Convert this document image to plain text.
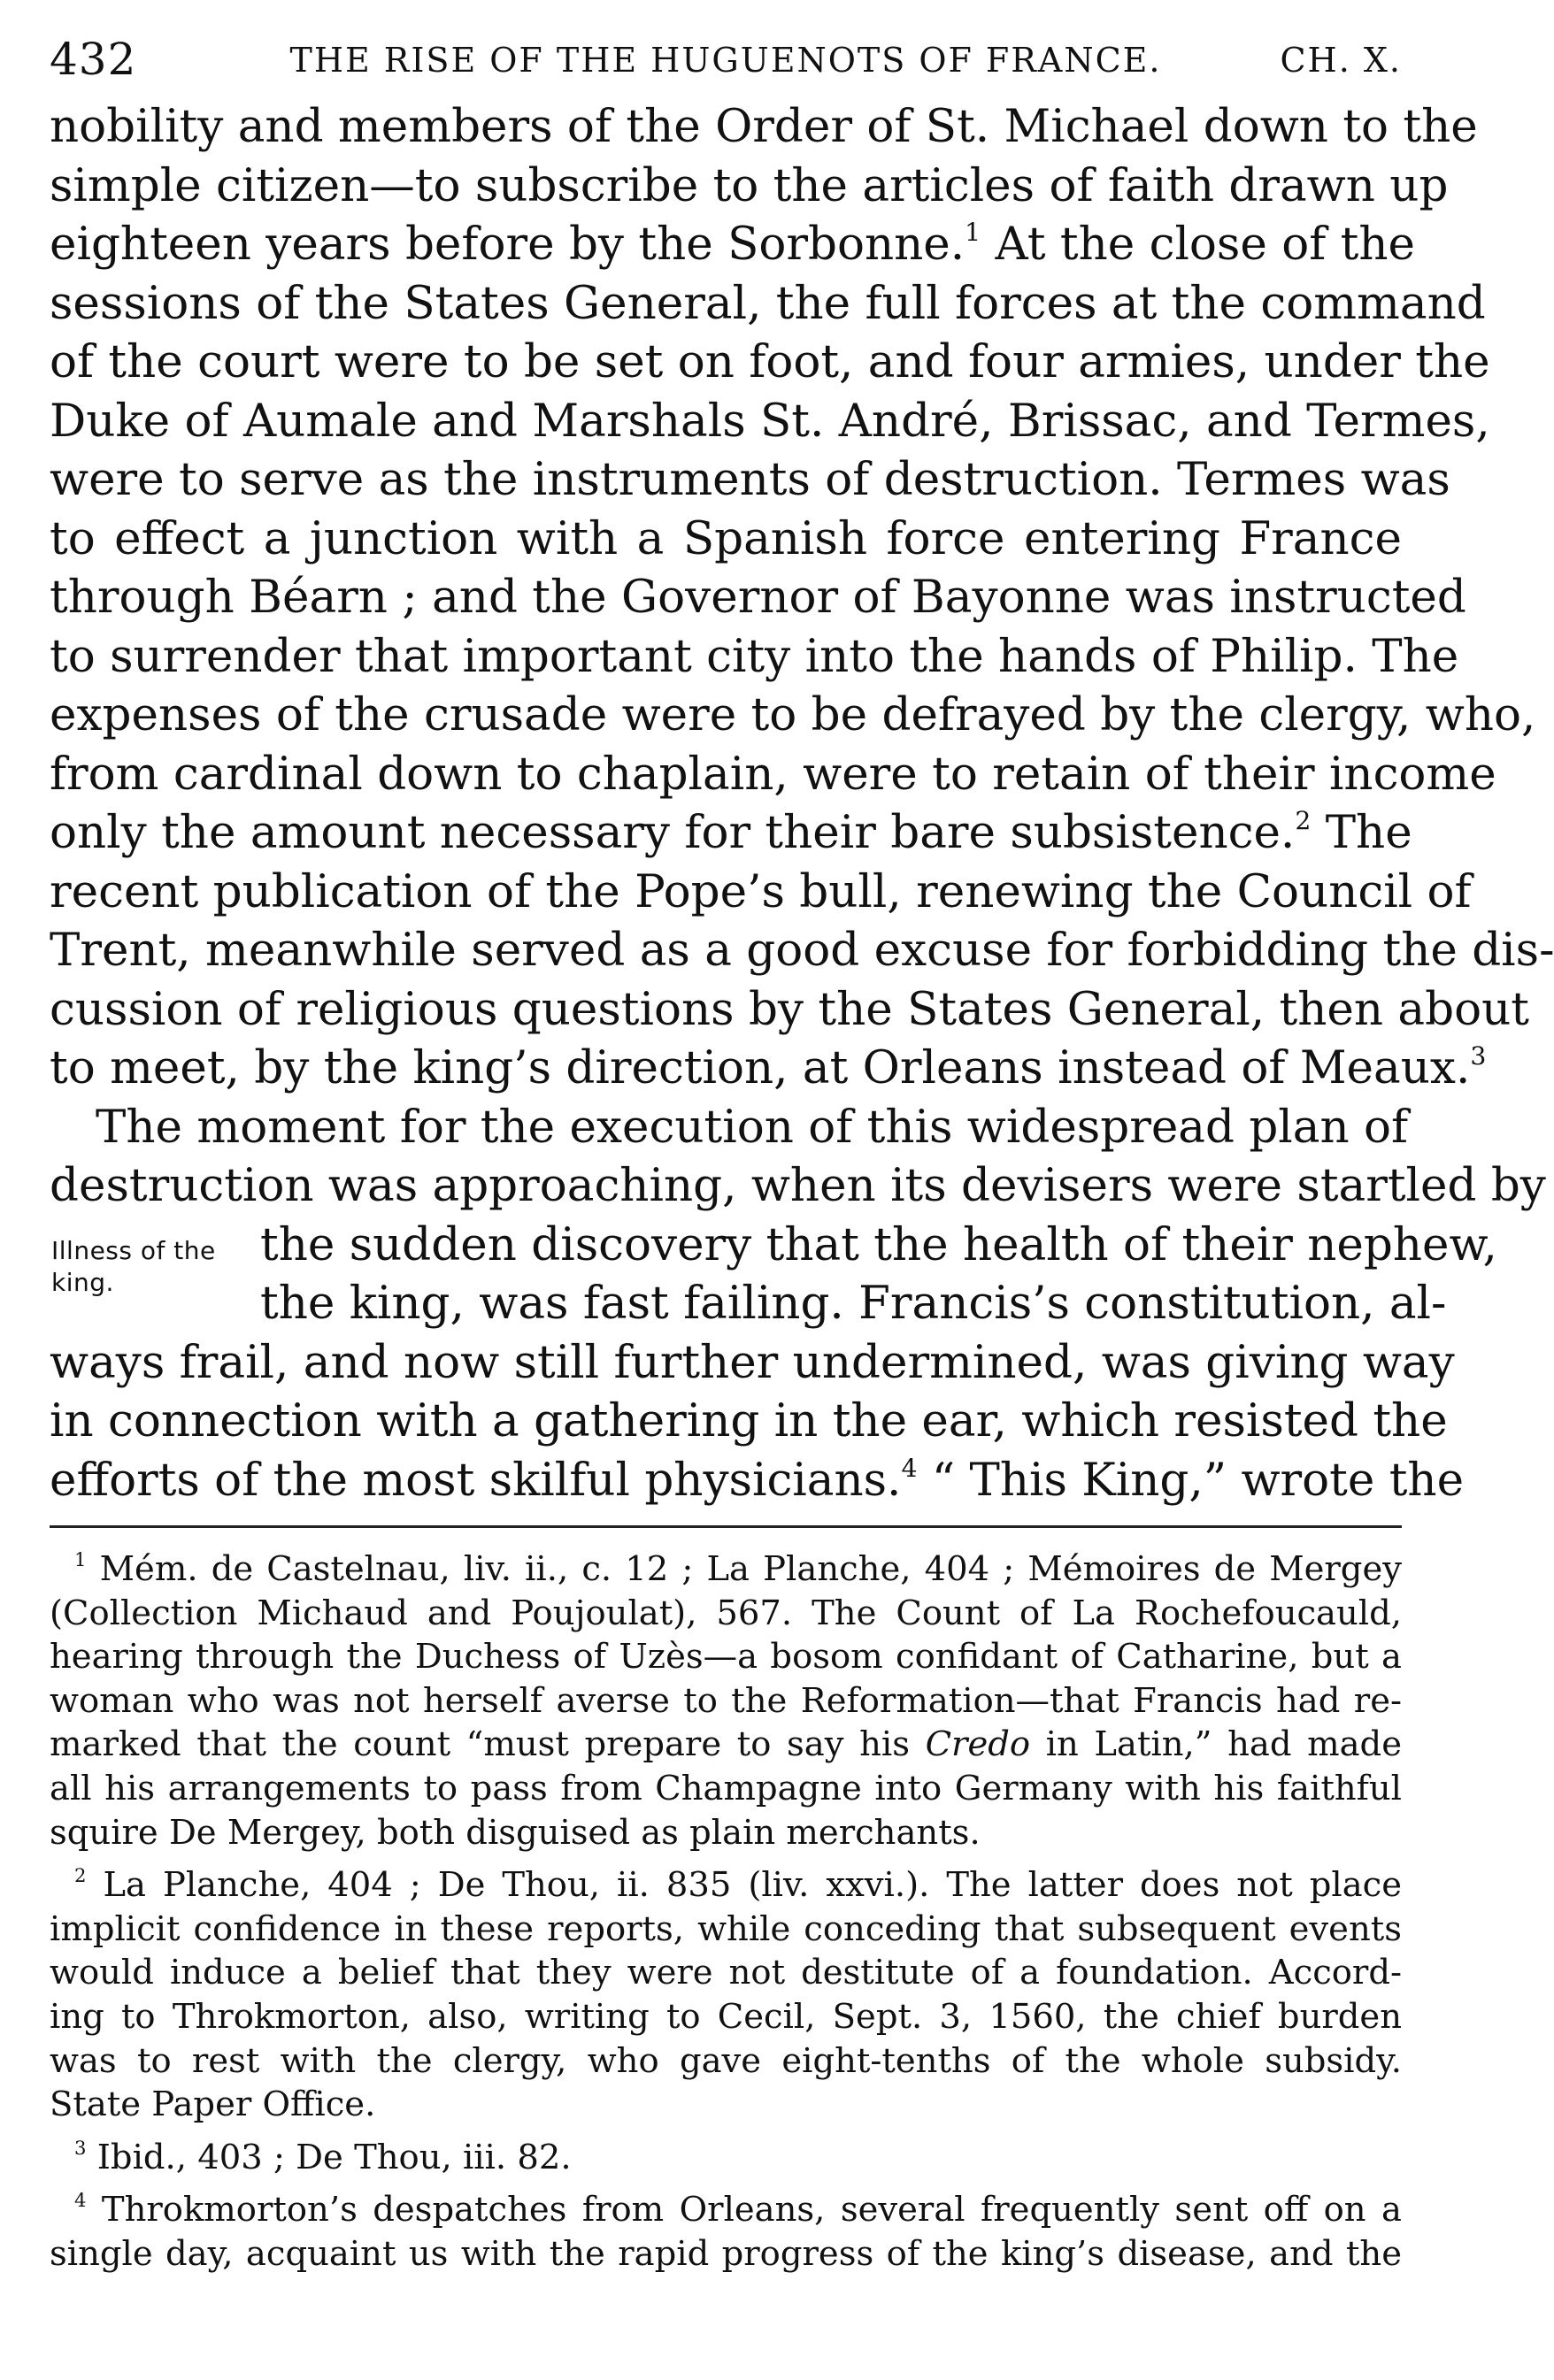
432	THE RISE OF THE HUGUENOTS OF FRANCE.	CH. X.
nobility and members of the Order of St. Michael down to the
simple citizen—to subscribe to the articles of faith drawn up
eighteen years before by the Sorbonne.$^1$ At the close of the
sessions of the States General, the full forces at the command
of the court were to be set on foot, and four armies, under the
Duke of Aumale and Marshals St. André, Brissac, and Termes,
were to serve as the instruments of destruction. Termes was
to effect a junction with a Spanish force entering France
through Béarn ; and the Governor of Bayonne was instructed
to surrender that important city into the hands of Philip. The
expenses of the crusade were to be defrayed by the clergy, who,
from cardinal down to chaplain, were to retain of their income
only the amount necessary for their bare subsistence.$^2$ The
recent publication of the Pope’s bull, renewing the Council of
Trent, meanwhile served as a good excuse for forbidding the dis-
cussion of religious questions by the States General, then about
to meet, by the king’s direction, at Orleans instead of Meaux.$^3$
The moment for the execution of this widespread plan of
destruction was approaching, when its devisers were startled by
the sudden discovery that the health of their nephew,
the king, was fast failing. Francis’s constitution, al-
ways frail, and now still further undermined, was giving way
in connection with a gathering in the ear, which resisted the
efforts of the most skilful physicians.$^4$ “ This King,” wrote the
Illness of the
king.
$^1$ Mém. de Castelnau, liv. ii., c. 12 ; La Planche, 404 ; Mémoires de Mergey
(Collection Michaud and Poujoulat), 567. The Count of La Rochefoucauld,
hearing through the Duchess of Uzès—a bosom confidant of Catharine, but a
woman who was not herself averse to the Reformation—that Francis had re-
marked that the count “must prepare to say his Credo in Latin,” had made
all his arrangements to pass from Champagne into Germany with his faithful
squire De Mergey, both disguised as plain merchants.
$^2$ La Planche, 404 ; De Thou, ii. 835 (liv. xxvi.). The latter does not place
implicit confidence in these reports, while conceding that subsequent events
would induce a belief that they were not destitute of a foundation. Accord-
ing to Throkmorton, also, writing to Cecil, Sept. 3, 1560, the chief burden
was to rest with the clergy, who gave eight-tenths of the whole subsidy.
State Paper Office.
$^3$ Ibid., 403 ; De Thou, iii. 82.
$^4$ Throkmorton’s despatches from Orleans, several frequently sent off on a
single day, acquaint us with the rapid progress of the king’s disease, and the
